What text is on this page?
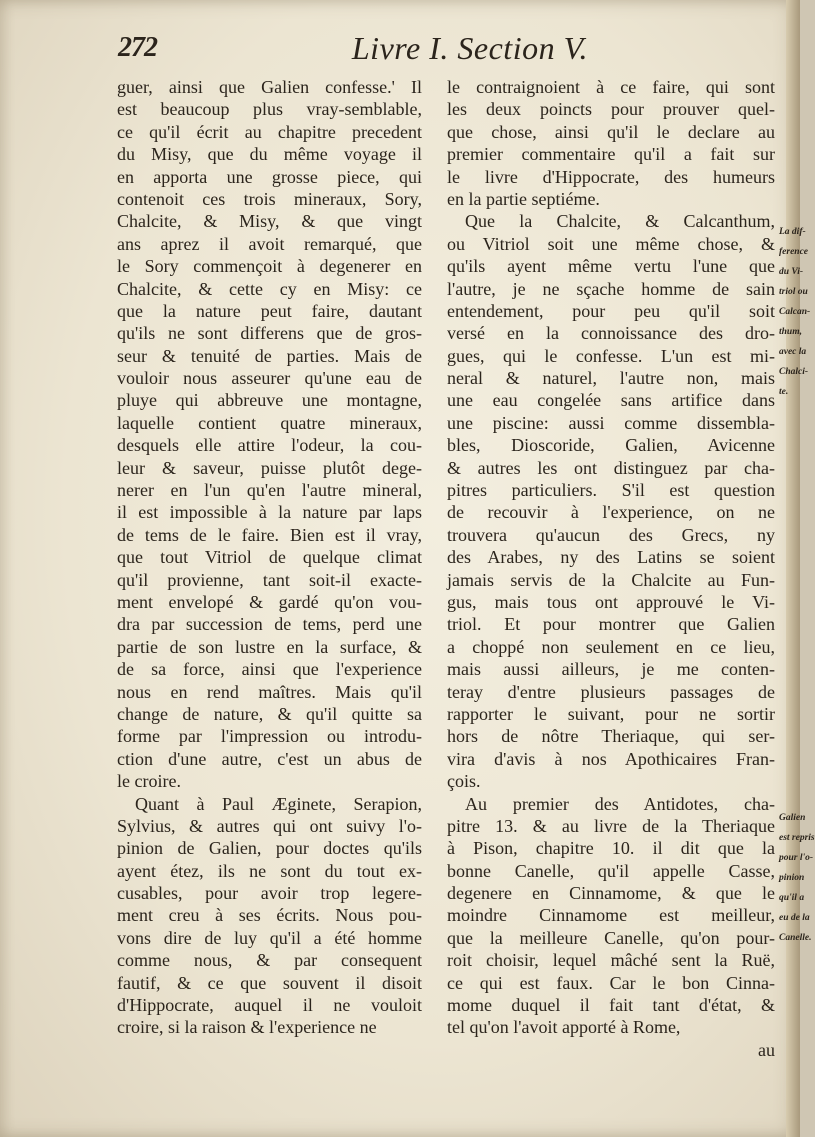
272	Livre I. Section V.
guer, ainsi que Galien confesse.' Il
est beaucoup plus vray-semblable,
ce qu'il écrit au chapitre precedent
du Misy, que du même voyage il
en apporta une grosse piece, qui
contenoit ces trois mineraux, Sory,
Chalcite, & Misy, & que vingt
ans aprez il avoit remarqué, que
le Sory commençoit à degenerer en
Chalcite, & cette cy en Misy: ce
que la nature peut faire, dautant
qu'ils ne sont differens que de gros-
seur & tenuité de parties. Mais de
vouloir nous asseurer qu'une eau de
pluye qui abbreuve une montagne,
laquelle contient quatre mineraux,
desquels elle attire l'odeur, la cou-
leur & saveur, puisse plutôt dege-
nerer en l'un qu'en l'autre mineral,
il est impossible à la nature par laps
de tems de le faire. Bien est il vray,
que tout Vitriol de quelque climat
qu'il provienne, tant soit-il exacte-
ment envelopé & gardé qu'on vou-
dra par succession de tems, perd une
partie de son lustre en la surface, &
de sa force, ainsi que l'experience
nous en rend maîtres. Mais qu'il
change de nature, & qu'il quitte sa
forme par l'impression ou introdu-
ction d'une autre, c'est un abus de
le croire.
Quant à Paul Æginete, Serapion,
Sylvius, & autres qui ont suivy l'o-
pinion de Galien, pour doctes qu'ils
ayent étez, ils ne sont du tout ex-
cusables, pour avoir trop legere-
ment creu à ses écrits. Nous pou-
vons dire de luy qu'il a été homme
comme nous, & par consequent
fautif, & ce que souvent il disoit
d'Hippocrate, auquel il ne vouloit
croire, si la raison & l'experience ne
le contraignoient à ce faire, qui sont
les deux poincts pour prouver quel-
que chose, ainsi qu'il le declare au
premier commentaire qu'il a fait sur
le livre d'Hippocrate, des humeurs
en la partie septiéme.
Que la Chalcite, & Calcanthum,
ou Vitriol soit une même chose, &
qu'ils ayent même vertu l'une que
l'autre, je ne sçache homme de sain
entendement, pour peu qu'il soit
versé en la connoissance des dro-
gues, qui le confesse. L'un est mi-
neral & naturel, l'autre non, mais
une eau congelée sans artifice dans
une piscine: aussi comme dissembla-
bles, Dioscoride, Galien, Avicenne
& autres les ont distinguez par cha-
pitres particuliers. S'il est question
de recouvir à l'experience, on ne
trouvera qu'aucun des Grecs, ny
des Arabes, ny des Latins se soient
jamais servis de la Chalcite au Fun-
gus, mais tous ont approuvé le Vi-
triol. Et pour montrer que Galien
a choppé non seulement en ce lieu,
mais aussi ailleurs, je me conten-
teray d'entre plusieurs passages de
rapporter le suivant, pour ne sortir
hors de nôtre Theriaque, qui ser-
vira d'avis à nos Apothicaires Fran-
çois.
Au premier des Antidotes, cha-
pitre 13. & au livre de la Theriaque
à Pison, chapitre 10. il dit que la
bonne Canelle, qu'il appelle Casse,
degenere en Cinnamome, & que le
moindre Cinnamome est meilleur,
que la meilleure Canelle, qu'on pour-
roit choisir, lequel mâché sent la Ruë,
ce qui est faux. Car le bon Cinna-
mome duquel il fait tant d'état, &
tel qu'on l'avoit apporté à Rome,
au
La dif-
ference
du Vi-
triol ou
Calcan-
thum,
avec la
Chalci-
te.
Galien
est repris
pour l'o-
pinion
qu'il a
eu de la
Canelle.
